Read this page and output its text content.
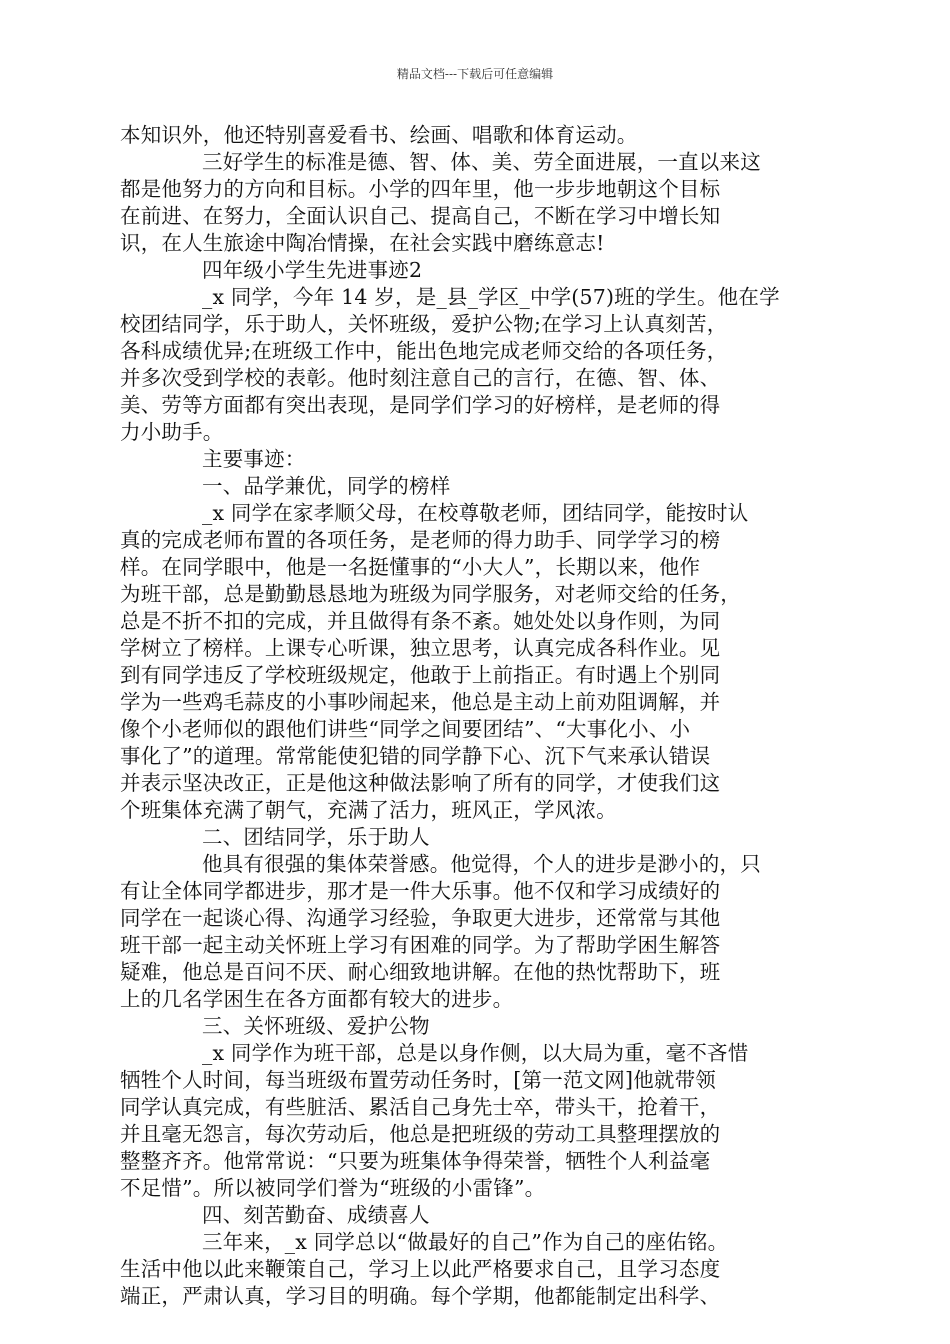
精品文档---下载后可任意编辑
本知识外，他还特别喜爱看书、绘画、唱歌和体育运动。
三好学生的标准是德、智、体、美、劳全面进展，一直以来这
都是他努力的方向和目标。小学的四年里，他一步步地朝这个目标
在前进、在努力，全面认识自己、提高自己，不断在学习中增长知
识，在人生旅途中陶冶情操，在社会实践中磨练意志!
四年级小学生先进事迹2
_x 同学，今年 14 岁，是_县_学区_中学(57)班的学生。他在学
校团结同学，乐于助人，关怀班级，爱护公物;在学习上认真刻苦，
各科成绩优异;在班级工作中，能出色地完成老师交给的各项任务，
并多次受到学校的表彰。他时刻注意自己的言行，在德、智、体、
美、劳等方面都有突出表现，是同学们学习的好榜样，是老师的得
力小助手。
主要事迹：
一、品学兼优，同学的榜样
_x 同学在家孝顺父母，在校尊敬老师，团结同学，能按时认
真的完成老师布置的各项任务，是老师的得力助手、同学学习的榜
样。在同学眼中，他是一名挺懂事的“小大人”，长期以来，他作
为班干部，总是勤勤恳恳地为班级为同学服务，对老师交给的任务，
总是不折不扣的完成，并且做得有条不紊。她处处以身作则，为同
学树立了榜样。上课专心听课，独立思考，认真完成各科作业。见
到有同学违反了学校班级规定，他敢于上前指正。有时遇上个别同
学为一些鸡毛蒜皮的小事吵闹起来，他总是主动上前劝阻调解，并
像个小老师似的跟他们讲些“同学之间要团结”、“大事化小、小
事化了”的道理。常常能使犯错的同学静下心、沉下气来承认错误
并表示坚决改正，正是他这种做法影响了所有的同学，才使我们这
个班集体充满了朝气，充满了活力，班风正，学风浓。
二、团结同学，乐于助人
他具有很强的集体荣誉感。他觉得，个人的进步是渺小的，只
有让全体同学都进步，那才是一件大乐事。他不仅和学习成绩好的
同学在一起谈心得、沟通学习经验，争取更大进步，还常常与其他
班干部一起主动关怀班上学习有困难的同学。为了帮助学困生解答
疑难，他总是百问不厌、耐心细致地讲解。在他的热忱帮助下，班
上的几名学困生在各方面都有较大的进步。
三、关怀班级、爱护公物
_x 同学作为班干部，总是以身作侧，以大局为重，毫不吝惜
牺牲个人时间，每当班级布置劳动任务时，[第一范文网]他就带领
同学认真完成，有些脏活、累活自己身先士卒，带头干，抢着干，
并且毫无怨言，每次劳动后，他总是把班级的劳动工具整理摆放的
整整齐齐。他常常说：“只要为班集体争得荣誉，牺牲个人利益毫
不足惜”。所以被同学们誉为“班级的小雷锋”。
四、刻苦勤奋、成绩喜人
三年来，_x 同学总以“做最好的自己”作为自己的座佑铭。
生活中他以此来鞭策自己，学习上以此严格要求自己，且学习态度
端正，严肃认真，学习目的明确。每个学期，他都能制定出科学、
